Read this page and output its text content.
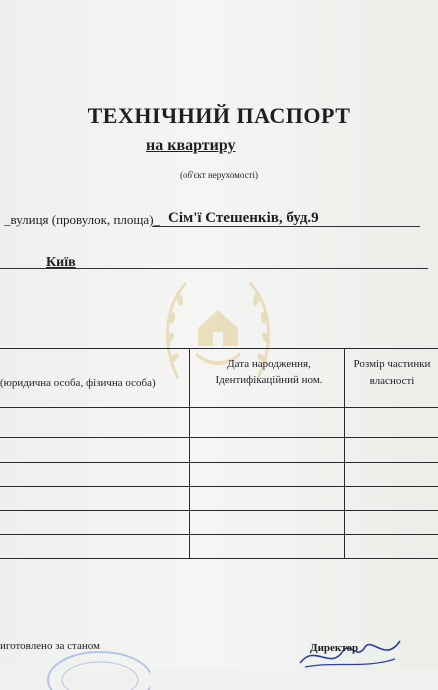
ТЕХНІЧНИЙ ПАСПОРТ
на квартиру
(об'єкт нерухомості)
_вулиця (провулок, площа)_ Сім'ї Стешенків, буд.9
Київ
(юридична особа, фізична особа)
Дата народження, Ідентифікаційний ном.
Розмір частинки власності
иготовлено за станом	Директор
